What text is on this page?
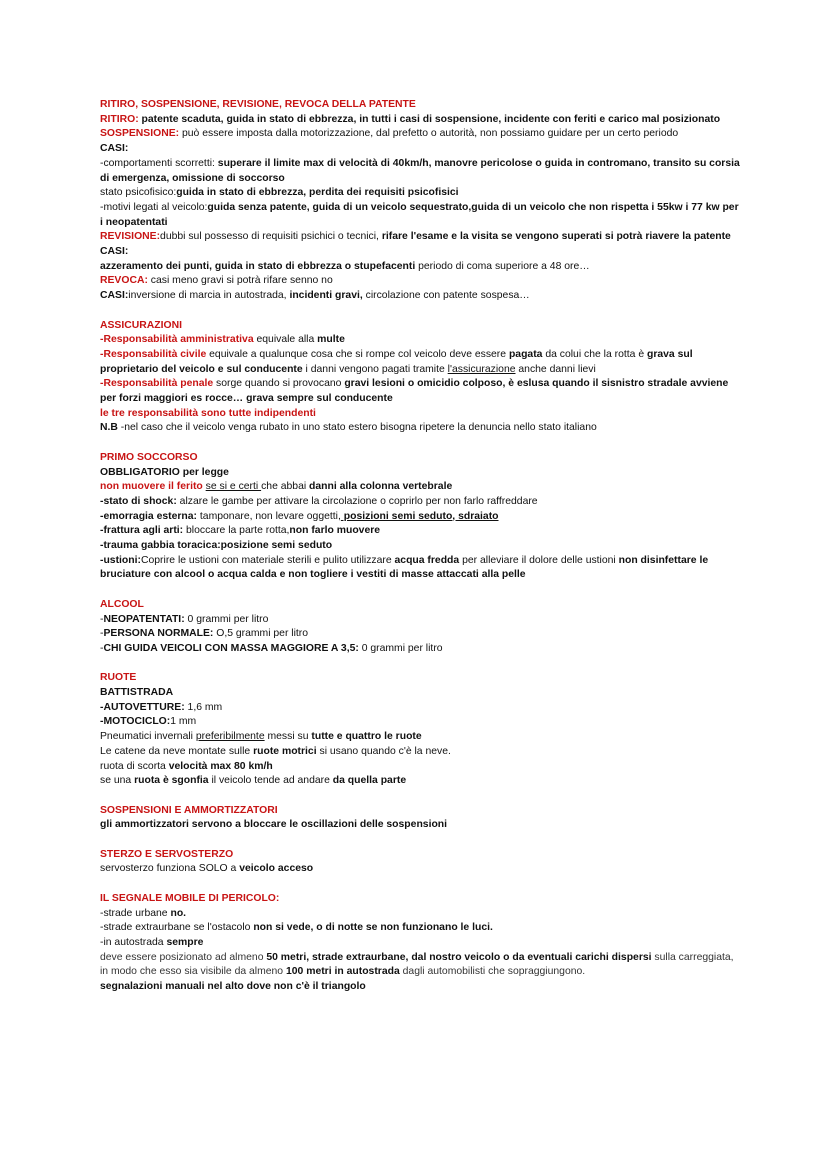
RITIRO, SOSPENSIONE, REVISIONE, REVOCA DELLA PATENTE
RITIRO: patente scaduta, guida in stato di ebbrezza, in tutti i casi di sospensione, incidente con feriti e carico mal posizionato
SOSPENSIONE: può essere imposta dalla motorizzazione, dal prefetto o autorità, non possiamo guidare per un certo periodo
CASI:
-comportamenti scorretti: superare il limite max di velocità di 40km/h, manovre pericolose o guida in contromano, transito su corsia di emergenza, omissione di soccorso
stato psicofisico:guida in stato di ebbrezza, perdita dei requisiti psicofisici
-motivi legati al veicolo:guida senza patente, guida di un veicolo sequestrato,guida di un veicolo che non rispetta i 55kw i 77 kw per i neopatentati
REVISIONE:dubbi sul possesso di requisiti psichici o tecnici, rifare l'esame e la visita se vengono superati si potrà riavere la patente
CASI:
azzeramento dei punti, guida in stato di ebbrezza o stupefacenti periodo di coma superiore a 48 ore…
REVOCA: casi meno gravi si potrà rifare senno no
CASI:inversione di marcia in autostrada, incidenti gravi, circolazione con patente sospesa…
ASSICURAZIONI
-Responsabilità amministrativa equivale alla multe
-Responsabilità civile equivale a qualunque cosa che si rompe col veicolo deve essere pagata da colui che la rotta è grava sul proprietario del veicolo e sul conducente i danni vengono pagati tramite l'assicurazione anche danni lievi
-Responsabilità penale sorge quando si provocano gravi lesioni o omicidio colposo, è eslusa quando il sisnistro stradale avviene per forzi maggiori es rocce… grava sempre sul conducente
le tre responsabilità sono tutte indipendenti
N.B -nel caso che il veicolo venga rubato in uno stato estero bisogna ripetere la denuncia nello stato italiano
PRIMO SOCCORSO
OBBLIGATORIO per legge
non muovere il ferito se si e certi che abbai danni alla colonna vertebrale
-stato di shock: alzare le gambe per attivare la circolazione o coprirlo per non farlo raffreddare
-emorragia esterna: tamponare, non levare oggetti, posizioni semi seduto, sdraiato
-frattura agli arti: bloccare la parte rotta,non farlo muovere
-trauma gabbia toracica:posizione semi seduto
-ustioni:Coprire le ustioni con materiale sterili e pulito utilizzare acqua fredda per alleviare il dolore delle ustioni non disinfettare le bruciature con alcool o acqua calda e non togliere i vestiti di masse attaccati alla pelle
ALCOOL
-NEOPATENTATI: 0 grammi per litro
-PERSONA NORMALE: O,5 grammi per litro
-CHI GUIDA VEICOLI CON MASSA MAGGIORE A 3,5: 0 grammi per litro
RUOTE
BATTISTRADA
-AUTOVETTURE: 1,6 mm
-MOTOCICLO:1 mm
Pneumatici invernali preferibilmente messi su tutte e quattro le ruote
Le catene da neve montate sulle ruote motrici si usano quando c'è la neve.
ruota di scorta velocità max 80 km/h
se una ruota è sgonfia il veicolo tende ad andare da quella parte
SOSPENSIONI E AMMORTIZZATORI
gli ammortizzatori servono a bloccare le oscillazioni delle sospensioni
STERZO E SERVOSTERZO
servosterzo funziona SOLO a veicolo acceso
IL SEGNALE MOBILE DI PERICOLO:
-strade urbane no.
-strade extraurbane se l'ostacolo non si vede, o di notte se non funzionano le luci.
-in autostrada sempre
deve essere posizionato ad almeno 50 metri, strade extraurbane, dal nostro veicolo o da eventuali carichi dispersi sulla carreggiata, in modo che esso sia visibile da almeno 100 metri in autostrada dagli automobilisti che sopraggiungono.
segnalazioni manuali nel alto dove non c'è il triangolo
